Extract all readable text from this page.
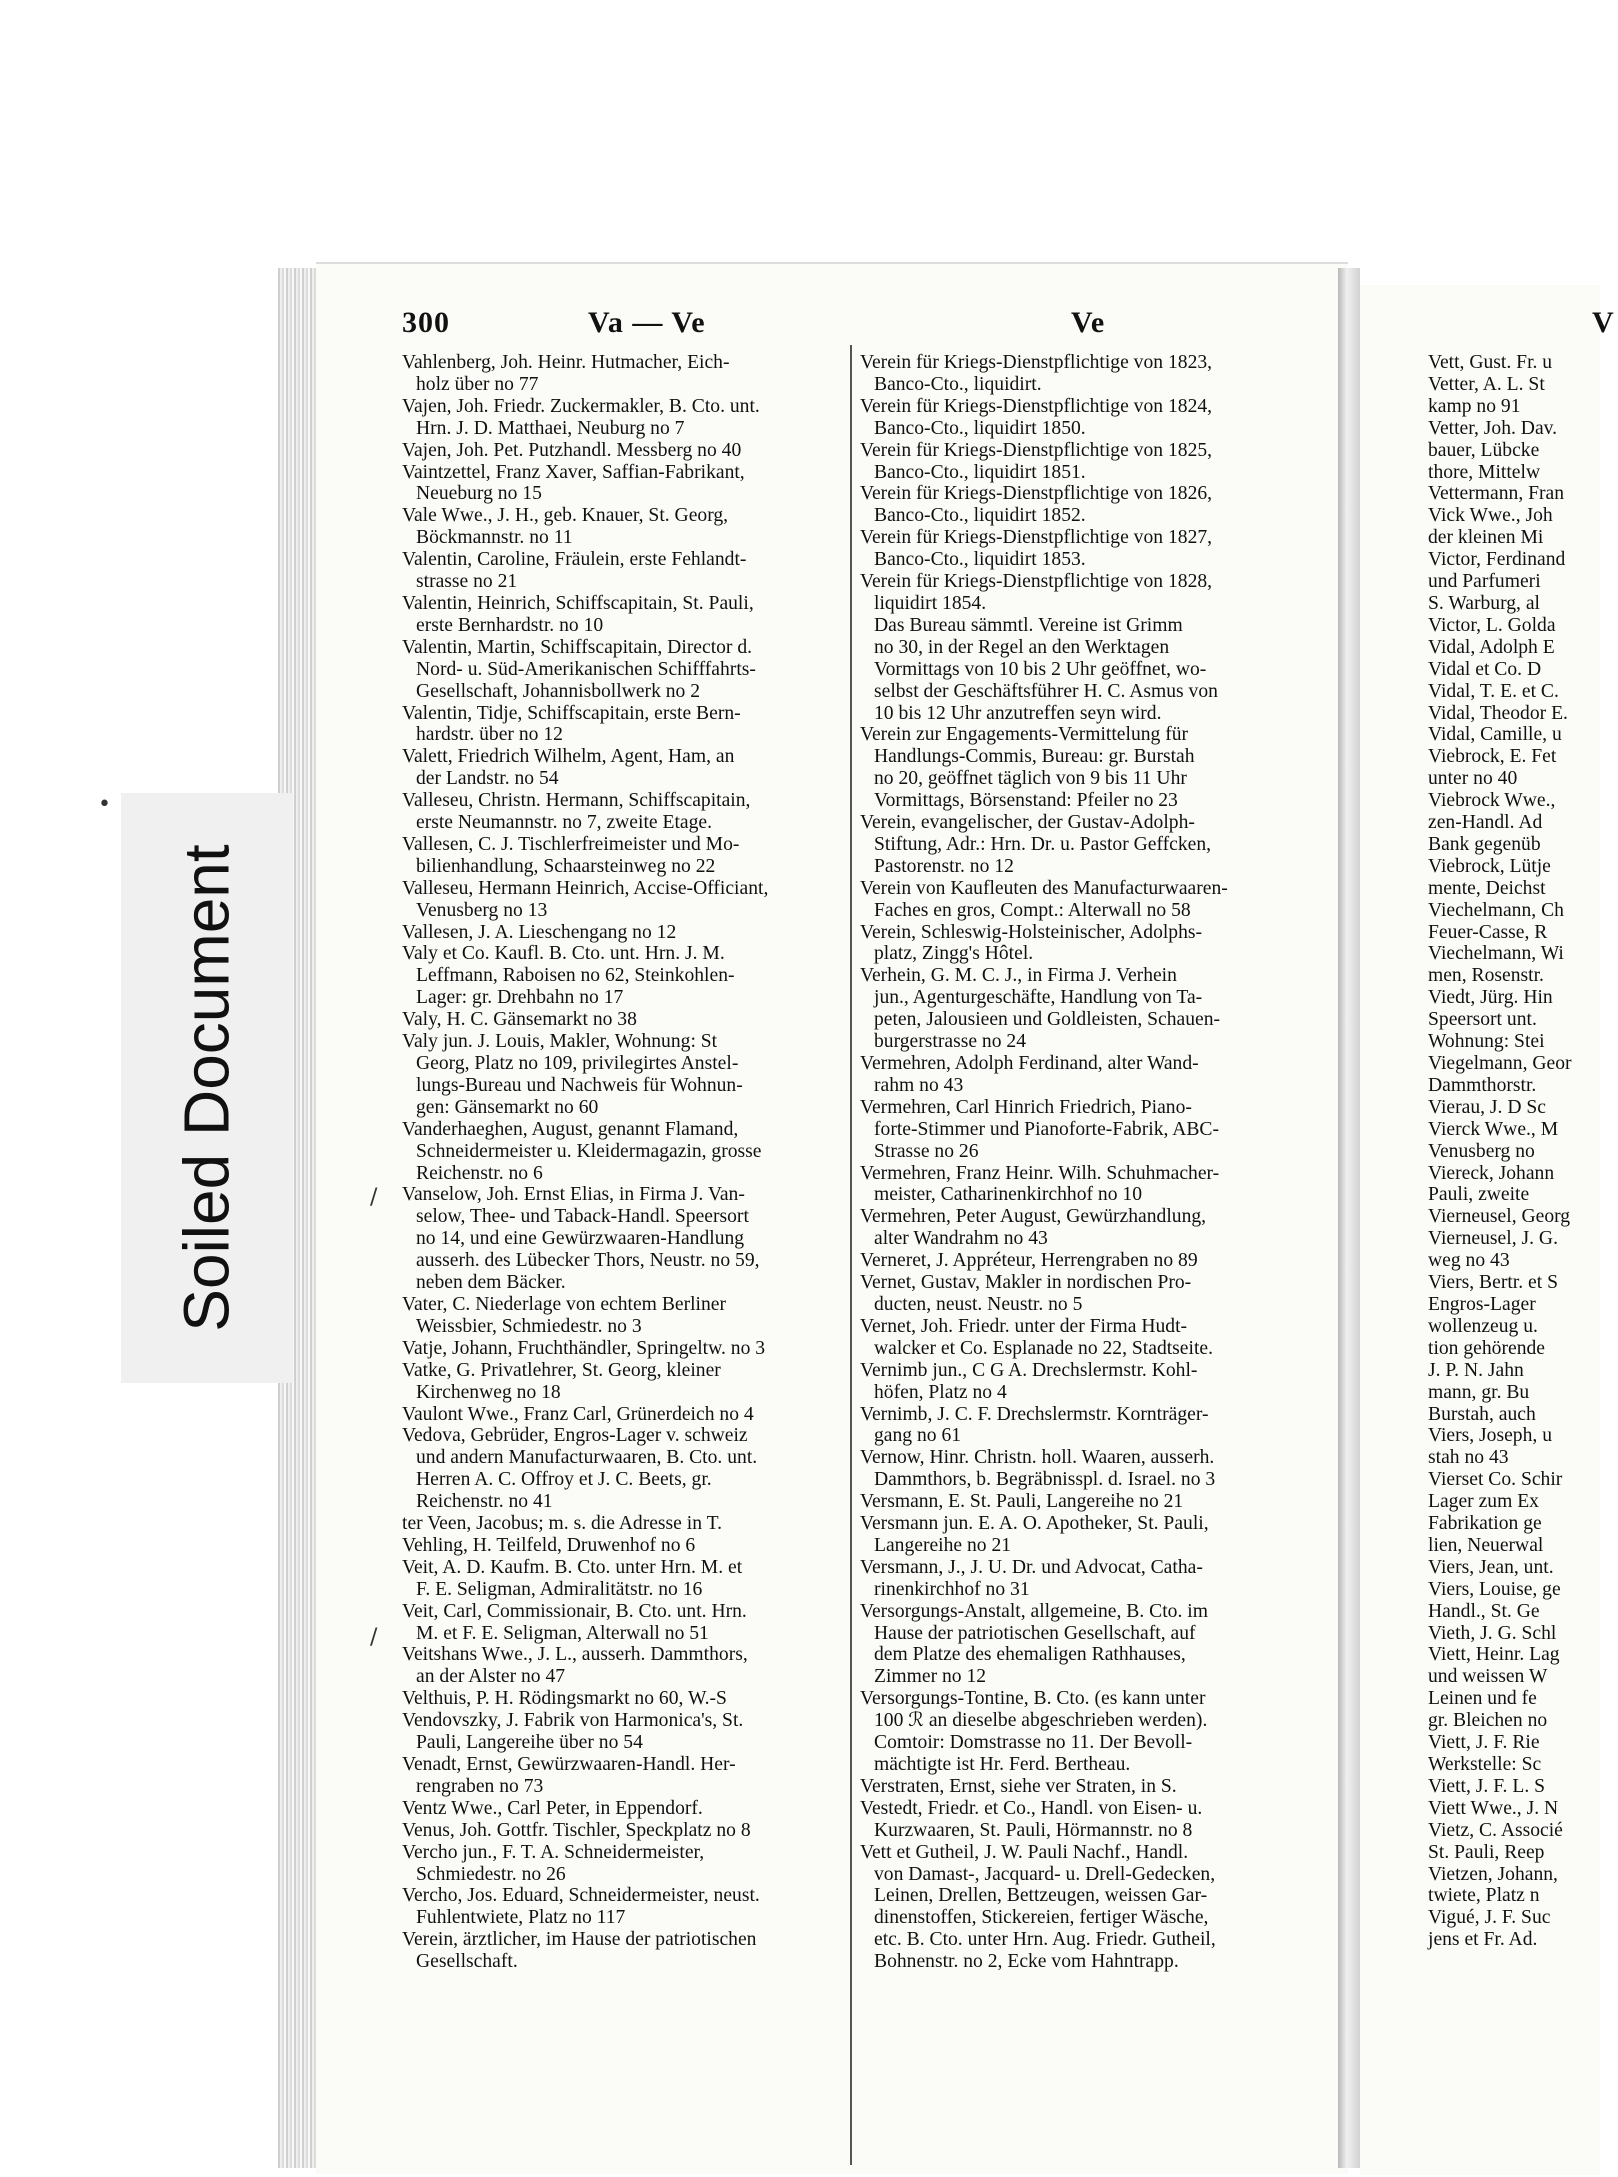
300	Va — Ve	Ve	V
Vahlenberg, Joh. Heinr. Hutmacher, Eich-
holz über no 77
Vajen, Joh. Friedr. Zuckermakler, B. Cto. unt.
Hrn. J. D. Matthaei, Neuburg no 7
Vajen, Joh. Pet. Putzhandl. Messberg no 40
Vaintzettel, Franz Xaver, Saffian-Fabrikant,
Neueburg no 15
Vale Wwe., J. H., geb. Knauer, St. Georg,
Böckmannstr. no 11
Valentin, Caroline, Fräulein, erste Fehlandt-
strasse no 21
Valentin, Heinrich, Schiffscapitain, St. Pauli,
erste Bernhardstr. no 10
Valentin, Martin, Schiffscapitain, Director d.
Nord- u. Süd-Amerikanischen Schifffahrts-
Gesellschaft, Johannisbollwerk no 2
Valentin, Tidje, Schiffscapitain, erste Bern-
hardstr. über no 12
Valett, Friedrich Wilhelm, Agent, Ham, an
der Landstr. no 54
Valleseu, Christn. Hermann, Schiffscapitain,
erste Neumannstr. no 7, zweite Etage.
Vallesen, C. J. Tischlerfreimeister und Mo-
bilienhandlung, Schaarsteinweg no 22
Valleseu, Hermann Heinrich, Accise-Officiant,
Venusberg no 13
Vallesen, J. A. Lieschengang no 12
Valy et Co. Kaufl. B. Cto. unt. Hrn. J. M.
Leffmann, Raboisen no 62, Steinkohlen-
Lager: gr. Drehbahn no 17
Valy, H. C. Gänsemarkt no 38
Valy jun. J. Louis, Makler, Wohnung: St
Georg, Platz no 109, privilegirtes Anstel-
lungs-Bureau und Nachweis für Wohnun-
gen: Gänsemarkt no 60
Vanderhaeghen, August, genannt Flamand,
Schneidermeister u. Kleidermagazin, grosse
Reichenstr. no 6
Vanselow, Joh. Ernst Elias, in Firma J. Van-
selow, Thee- und Taback-Handl. Speersort
no 14, und eine Gewürzwaaren-Handlung
ausserh. des Lübecker Thors, Neustr. no 59,
neben dem Bäcker.
Vater, C. Niederlage von echtem Berliner
Weissbier, Schmiedestr. no 3
Vatje, Johann, Fruchthändler, Springeltw. no 3
Vatke, G. Privatlehrer, St. Georg, kleiner
Kirchenweg no 18
Vaulont Wwe., Franz Carl, Grünerdeich no 4
Vedova, Gebrüder, Engros-Lager v. schweiz
und andern Manufacturwaaren, B. Cto. unt.
Herren A. C. Offroy et J. C. Beets, gr.
Reichenstr. no 41
ter Veen, Jacobus; m. s. die Adresse in T.
Vehling, H. Teilfeld, Druwenhof no 6
Veit, A. D. Kaufm. B. Cto. unter Hrn. M. et
F. E. Seligman, Admiralitätstr. no 16
Veit, Carl, Commissionair, B. Cto. unt. Hrn.
M. et F. E. Seligman, Alterwall no 51
Veitshans Wwe., J. L., ausserh. Dammthors,
an der Alster no 47
Velthuis, P. H. Rödingsmarkt no 60, W.-S
Vendovszky, J. Fabrik von Harmonica's, St.
Pauli, Langereihe über no 54
Venadt, Ernst, Gewürzwaaren-Handl. Her-
rengraben no 73
Ventz Wwe., Carl Peter, in Eppendorf.
Venus, Joh. Gottfr. Tischler, Speckplatz no 8
Vercho jun., F. T. A. Schneidermeister,
Schmiedestr. no 26
Vercho, Jos. Eduard, Schneidermeister, neust.
Fuhlentwiete, Platz no 117
Verein, ärztlicher, im Hause der patriotischen
Gesellschaft.
Verein für Kriegs-Dienstpflichtige von 1823,
Banco-Cto., liquidirt.
Verein für Kriegs-Dienstpflichtige von 1824,
Banco-Cto., liquidirt 1850.
Verein für Kriegs-Dienstpflichtige von 1825,
Banco-Cto., liquidirt 1851.
Verein für Kriegs-Dienstpflichtige von 1826,
Banco-Cto., liquidirt 1852.
Verein für Kriegs-Dienstpflichtige von 1827,
Banco-Cto., liquidirt 1853.
Verein für Kriegs-Dienstpflichtige von 1828,
liquidirt 1854.
Das Bureau sämmtl. Vereine ist Grimm
no 30, in der Regel an den Werktagen
Vormittags von 10 bis 2 Uhr geöffnet, wo-
selbst der Geschäftsführer H. C. Asmus von
10 bis 12 Uhr anzutreffen seyn wird.
Verein zur Engagements-Vermittelung für
Handlungs-Commis, Bureau: gr. Burstah
no 20, geöffnet täglich von 9 bis 11 Uhr
Vormittags, Börsenstand: Pfeiler no 23
Verein, evangelischer, der Gustav-Adolph-
Stiftung, Adr.: Hrn. Dr. u. Pastor Geffcken,
Pastorenstr. no 12
Verein von Kaufleuten des Manufacturwaaren-
Faches en gros, Compt.: Alterwall no 58
Verein, Schleswig-Holsteinischer, Adolphs-
platz, Zingg's Hôtel.
Verhein, G. M. C. J., in Firma J. Verhein
jun., Agenturgeschäfte, Handlung von Ta-
peten, Jalousieen und Goldleisten, Schauen-
burgerstrasse no 24
Vermehren, Adolph Ferdinand, alter Wand-
rahm no 43
Vermehren, Carl Hinrich Friedrich, Piano-
forte-Stimmer und Pianoforte-Fabrik, ABC-
Strasse no 26
Vermehren, Franz Heinr. Wilh. Schuhmacher-
meister, Catharinenkirchhof no 10
Vermehren, Peter August, Gewürzhandlung,
alter Wandrahm no 43
Verneret, J. Appréteur, Herrengraben no 89
Vernet, Gustav, Makler in nordischen Pro-
ducten, neust. Neustr. no 5
Vernet, Joh. Friedr. unter der Firma Hudt-
walcker et Co. Esplanade no 22, Stadtseite.
Vernimb jun., C G A. Drechslermstr. Kohl-
höfen, Platz no 4
Vernimb, J. C. F. Drechslermstr. Kornträger-
gang no 61
Vernow, Hinr. Christn. holl. Waaren, ausserh.
Dammthors, b. Begräbnisspl. d. Israel. no 3
Versmann, E. St. Pauli, Langereihe no 21
Versmann jun. E. A. O. Apotheker, St. Pauli,
Langereihe no 21
Versmann, J., J. U. Dr. und Advocat, Catha-
rinenkirchhof no 31
Versorgungs-Anstalt, allgemeine, B. Cto. im
Hause der patriotischen Gesellschaft, auf
dem Platze des ehemaligen Rathhauses,
Zimmer no 12
Versorgungs-Tontine, B. Cto. (es kann unter
100 ℛ an dieselbe abgeschrieben werden).
Comtoir: Domstrasse no 11. Der Bevoll-
mächtigte ist Hr. Ferd. Bertheau.
Verstraten, Ernst, siehe ver Straten, in S.
Vestedt, Friedr. et Co., Handl. von Eisen- u.
Kurzwaaren, St. Pauli, Hörmannstr. no 8
Vett et Gutheil, J. W. Pauli Nachf., Handl.
von Damast-, Jacquard- u. Drell-Gedecken,
Leinen, Drellen, Bettzeugen, weissen Gar-
dinenstoffen, Stickereien, fertiger Wäsche,
etc. B. Cto. unter Hrn. Aug. Friedr. Gutheil,
Bohnenstr. no 2, Ecke vom Hahntrapp.
Vett, Gust. Fr. u
Vetter, A. L. St
kamp no 91
Vetter, Joh. Dav.
bauer, Lübcke
thore, Mittelw
Vettermann, Fran
Vick Wwe., Joh
der kleinen Mi
Victor, Ferdinand
und Parfumeri
S. Warburg, al
Victor, L. Golda
Vidal, Adolph E
Vidal et Co. D
Vidal, T. E. et C.
Vidal, Theodor E.
Vidal, Camille, u
Viebrock, E. Fet
unter no 40
Viebrock Wwe.,
zen-Handl. Ad
Bank gegenüb
Viebrock, Lütje
mente, Deichst
Viechelmann, Ch
Feuer-Casse, R
Viechelmann, Wi
men, Rosenstr.
Viedt, Jürg. Hin
Speersort unt.
Wohnung: Stei
Viegelmann, Geor
Dammthorstr.
Vierau, J. D Sc
Vierck Wwe., M
Venusberg no
Viereck, Johann
Pauli, zweite
Vierneusel, Georg
Vierneusel, J. G.
weg no 43
Viers, Bertr. et S
Engros-Lager
wollenzeug u.
tion gehörende
J. P. N. Jahn
mann, gr. Bu
Burstah, auch
Viers, Joseph, u
stah no 43
Vierset Co. Schir
Lager zum Ex
Fabrikation ge
lien, Neuerwal
Viers, Jean, unt.
Viers, Louise, ge
Handl., St. Ge
Vieth, J. G. Schl
Viett, Heinr. Lag
und weissen W
Leinen und fe
gr. Bleichen no
Viett, J. F. Rie
Werkstelle: Sc
Viett, J. F. L. S
Viett Wwe., J. N
Vietz, C. Associé
St. Pauli, Reep
Vietzen, Johann,
twiete, Platz n
Vigué, J. F. Suc
jens et Fr. Ad.
•
/
/
Soiled Document
